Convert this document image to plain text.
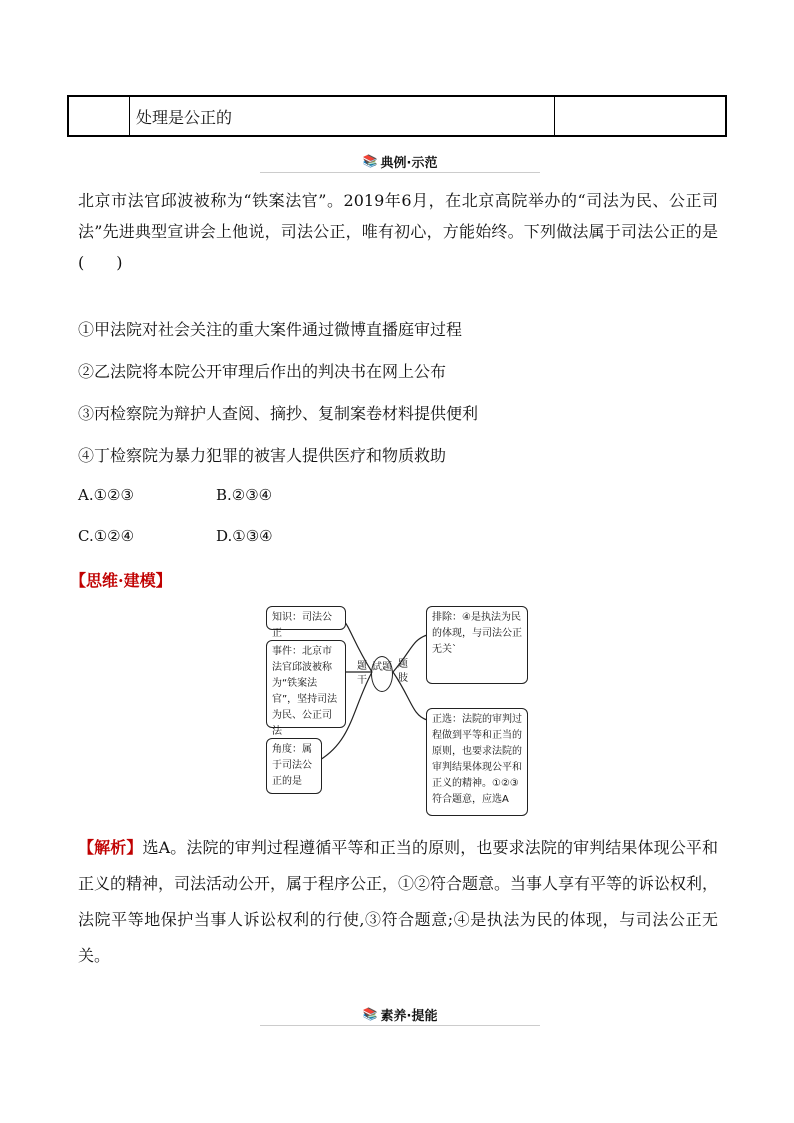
处理是公正的
📚 典例·示范
北京市法官邱波被称为“铁案法官”。2019年6月，在北京高院举办的“司法为民、公正司法”先进典型宣讲会上他说，司法公正，唯有初心，方能始终。下列做法属于司法公正的是　(　　)
①甲法院对社会关注的重大案件通过微博直播庭审过程
②乙法院将本院公开审理后作出的判决书在网上公布
③丙检察院为辩护人查阅、摘抄、复制案卷材料提供便利
④丁检察院为暴力犯罪的被害人提供医疗和物质救助
A.①②③	B.②③④
C.①②④	D.①③④
【思维·建模】
知识：司法公正
事件：北京市法官邱波被称为“铁案法官”，坚持司法为民、公正司法
角度：属于司法公正的是
题干
试题 题肢
排除：④是执法为民的体现，与司法公正无关`
正选：法院的审判过程做到平等和正当的原则，也要求法院的审判结果体现公平和正义的精神。①②③符合题意，应选A
【解析】选A。法院的审判过程遵循平等和正当的原则，也要求法院的审判结果体现公平和正义的精神，司法活动公开，属于程序公正，①②符合题意。当事人享有平等的诉讼权利，法院平等地保护当事人诉讼权利的行使,③符合题意;④是执法为民的体现，与司法公正无关。
📚 素养·提能
